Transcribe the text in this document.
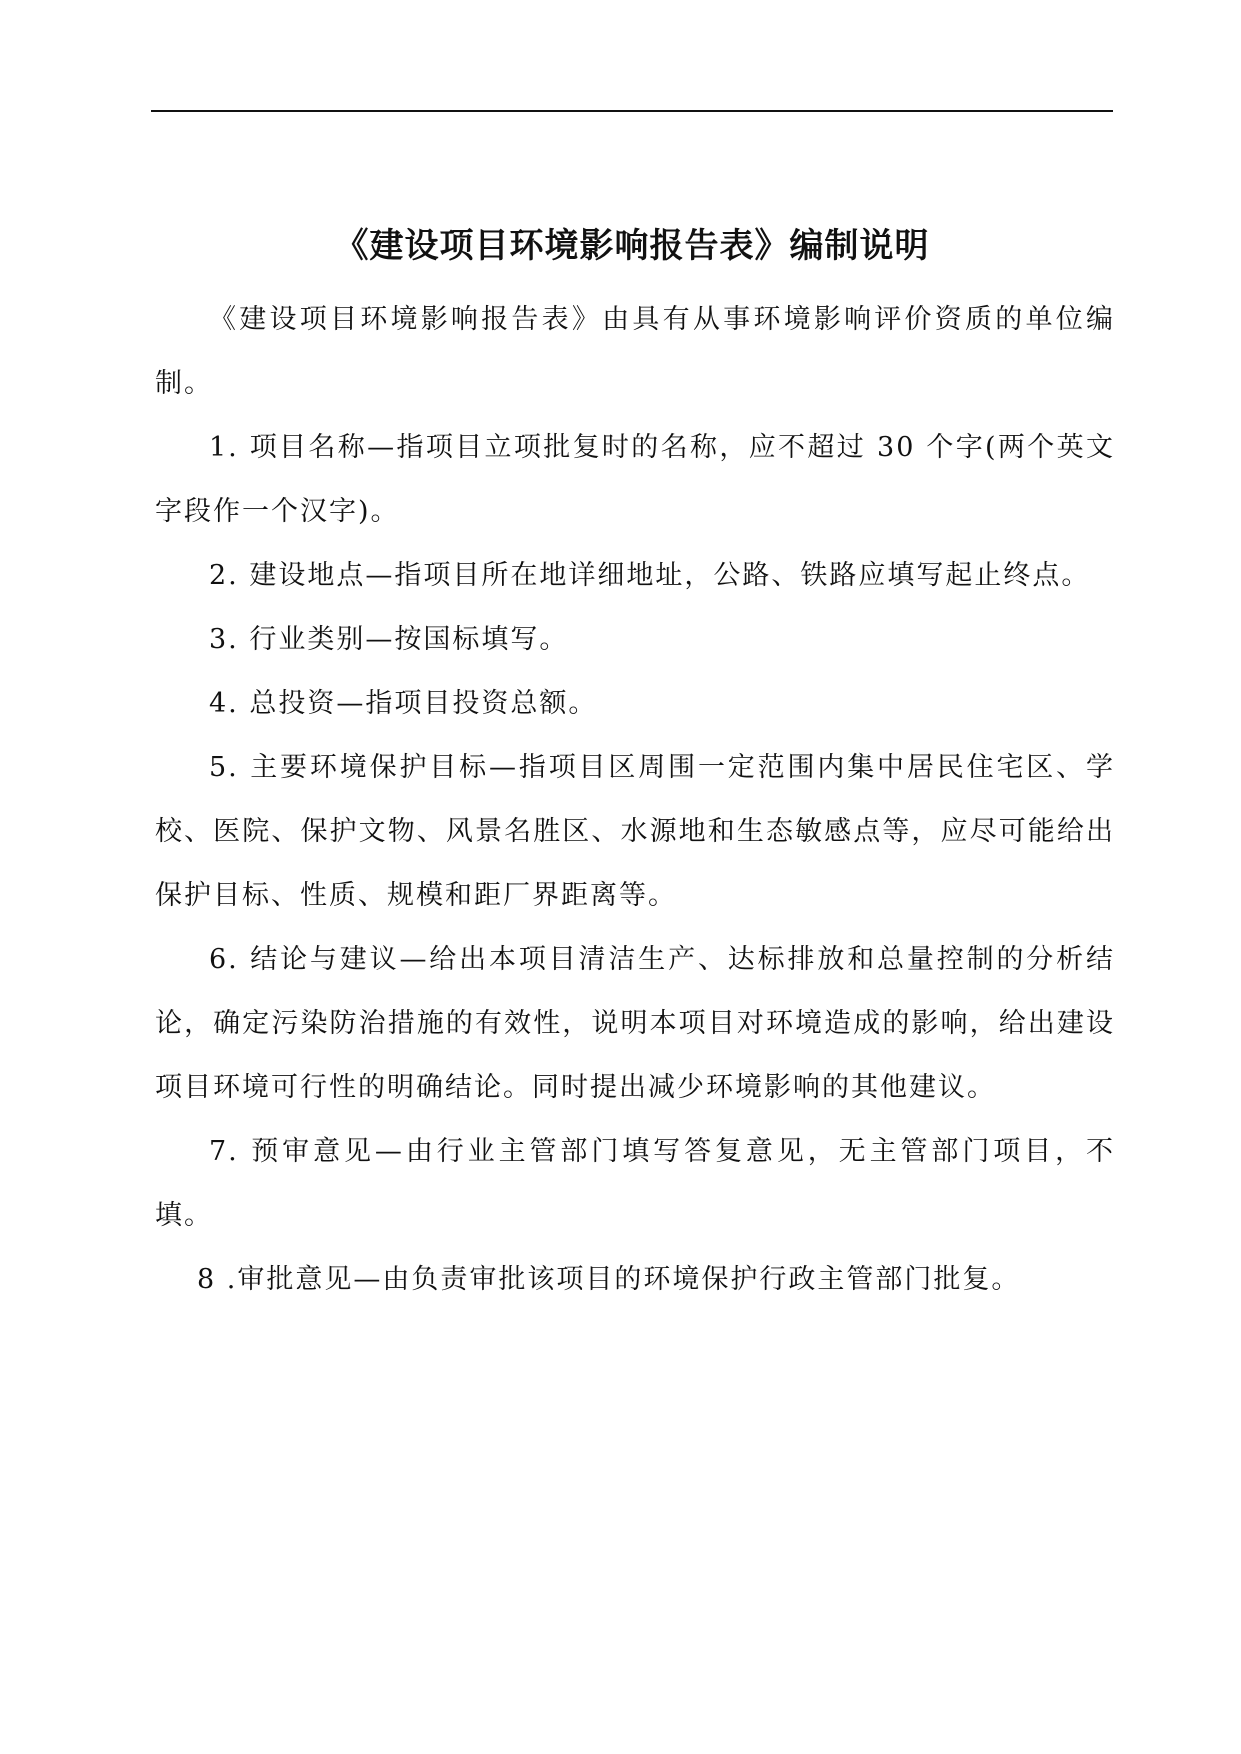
《建设项目环境影响报告表》编制说明

《建设项目环境影响报告表》由具有从事环境影响评价资质的单位编制。

1. 项目名称—指项目立项批复时的名称，应不超过 30 个字(两个英文字段作一个汉字)。

2. 建设地点—指项目所在地详细地址，公路、铁路应填写起止终点。

3. 行业类别—按国标填写。

4. 总投资—指项目投资总额。

5. 主要环境保护目标—指项目区周围一定范围内集中居民住宅区、学校、医院、保护文物、风景名胜区、水源地和生态敏感点等，应尽可能给出保护目标、性质、规模和距厂界距离等。

6. 结论与建议—给出本项目清洁生产、达标排放和总量控制的分析结论，确定污染防治措施的有效性，说明本项目对环境造成的影响，给出建设项目环境可行性的明确结论。同时提出减少环境影响的其他建议。

7. 预审意见—由行业主管部门填写答复意见，无主管部门项目，不填。

8 .审批意见—由负责审批该项目的环境保护行政主管部门批复。
